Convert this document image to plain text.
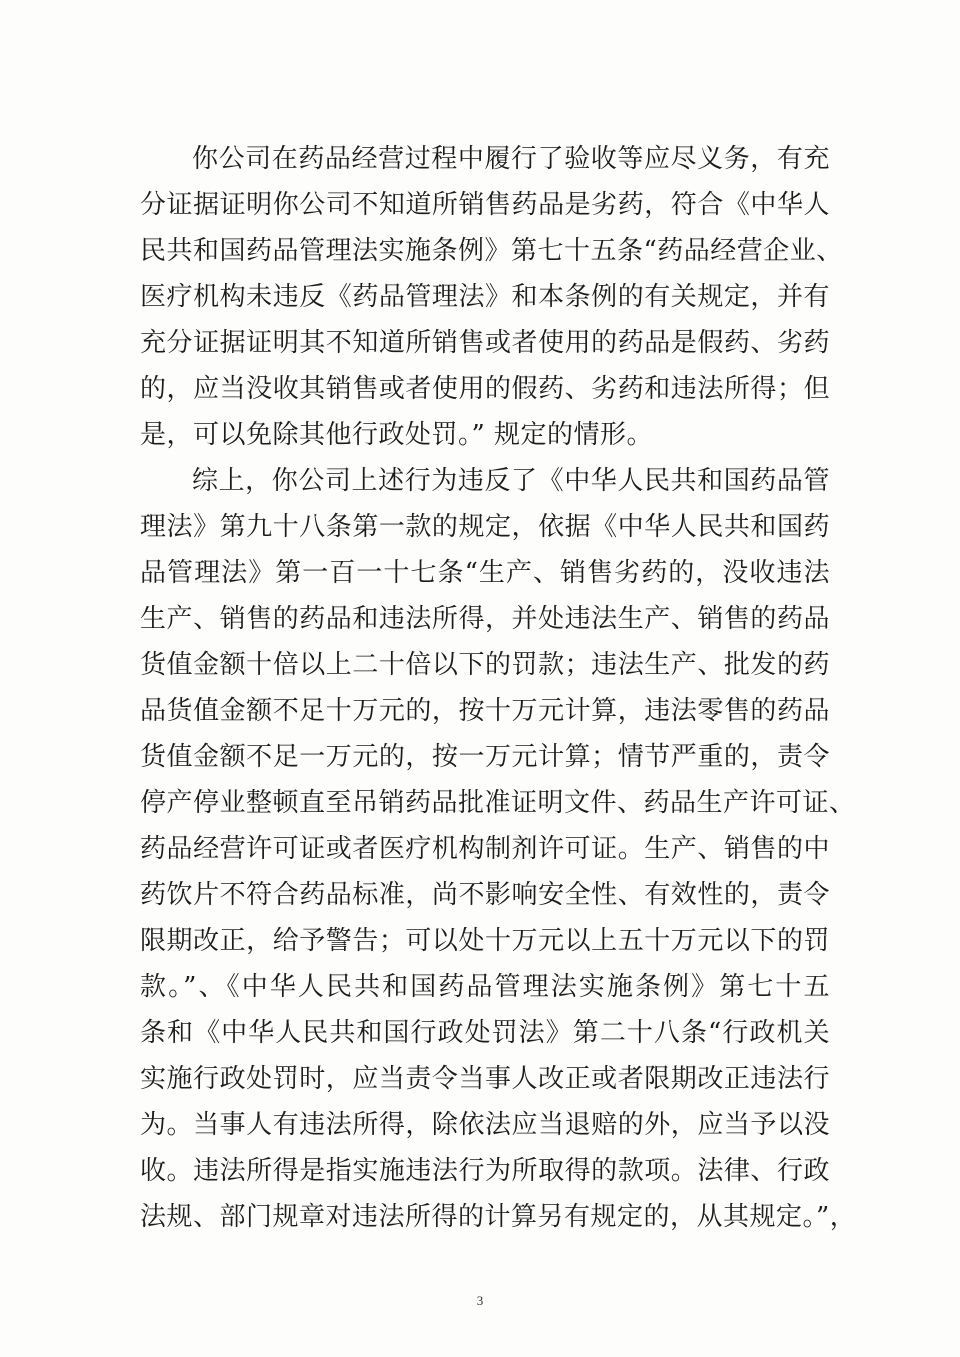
你公司在药品经营过程中履行了验收等应尽义务，有充
分证据证明你公司不知道所销售药品是劣药，符合《中华人
民共和国药品管理法实施条例》第七十五条“药品经营企业、
医疗机构未违反《药品管理法》和本条例的有关规定，并有
充分证据证明其不知道所销售或者使用的药品是假药、劣药
的，应当没收其销售或者使用的假药、劣药和违法所得；但
是，可以免除其他行政处罚。” 规定的情形。
综上，你公司上述行为违反了《中华人民共和国药品管
理法》第九十八条第一款的规定，依据《中华人民共和国药
品管理法》第一百一十七条“生产、销售劣药的，没收违法
生产、销售的药品和违法所得，并处违法生产、销售的药品
货值金额十倍以上二十倍以下的罚款；违法生产、批发的药
品货值金额不足十万元的，按十万元计算，违法零售的药品
货值金额不足一万元的，按一万元计算；情节严重的，责令
停产停业整顿直至吊销药品批准证明文件、药品生产许可证、
药品经营许可证或者医疗机构制剂许可证。生产、销售的中
药饮片不符合药品标准，尚不影响安全性、有效性的，责令
限期改正，给予警告；可以处十万元以上五十万元以下的罚
款。”、《中华人民共和国药品管理法实施条例》第七十五
条和《中华人民共和国行政处罚法》第二十八条“行政机关
实施行政处罚时，应当责令当事人改正或者限期改正违法行
为。当事人有违法所得，除依法应当退赔的外，应当予以没
收。违法所得是指实施违法行为所取得的款项。法律、行政
法规、部门规章对违法所得的计算另有规定的，从其规定。”，
3
